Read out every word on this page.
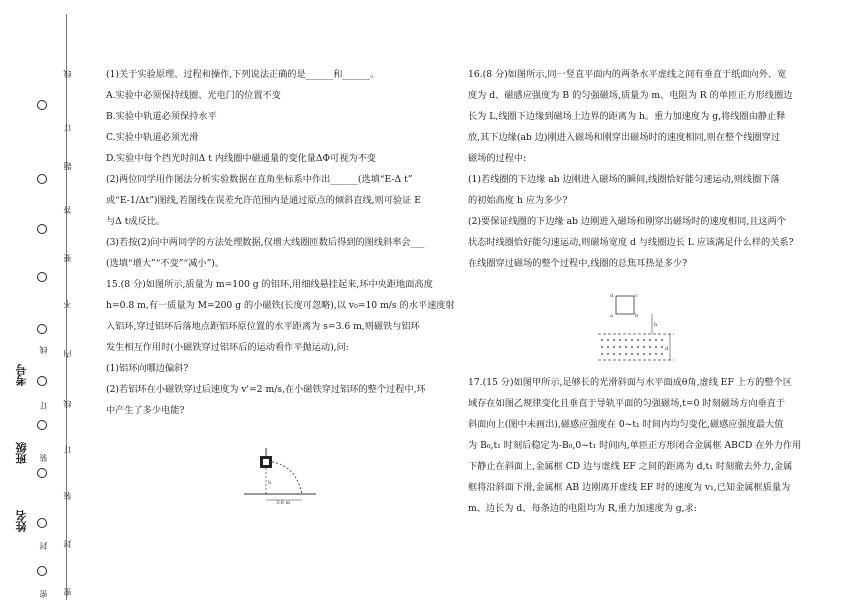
线
订
题
答
要
不
内
线
订
装
封
密
线
订
装
封
密
考号
班级
姓名

(1)关于实验原理、过程和操作,下列说法正确的是______和______。

A.实验中必须保持线圈、光电门的位置不变

B.实验中轨道必须保持水平

C.实验中轨道必须光滑

D.实验中每个挡光时间Δ t 内线圈中磁通量的变化量ΔΦ可视为不变

(2)两位同学用作图法分析实验数据在直角坐标系中作出______(选填“E-Δ t”

或“E-1/Δt”)图线,若图线在误差允许范围内是通过原点的倾斜直线,则可验证 E

与Δ t成反比。

(3)若按(2)问中两同学的方法处理数据,仅增大线圈匝数后得到的图线斜率会___

(选填“增大”“不变”“减小”)。

15.(8 分)如图所示,质量为 m=100 g 的铝环,用细线悬挂起来,环中央距地面高度

h=0.8 m,有一质量为 M=200 g 的小磁铁(长度可忽略),以 v₀=10 m/s 的水平速度射

入铝环,穿过铝环后落地点距铝环原位置的水平距离为 s=3.6 m,则磁铁与铝环

发生相互作用时(小磁铁穿过铝环后的运动看作平抛运动),问:

(1)铝环向哪边偏斜?

(2)若铝环在小磁铁穿过后速度为 v'=2 m/s,在小磁铁穿过铝环的整个过程中,环

中产生了多少电能?

h
3.6 m

16.(8 分)如图所示,同一竖直平面内的两条水平虚线之间有垂直于纸面向外、宽

度为 d、磁感应强度为 B 的匀强磁场,质量为 m、电阻为 R 的单匝正方形线圈边

长为 L,线圈下边缘到磁场上边界的距离为 h。重力加速度为 g,将线圈由静止释

放,其下边缘(ab 边)刚进入磁场和刚穿出磁场时的速度相同,则在整个线圈穿过

磁场的过程中:

(1)若线圈的下边缘 ab 边刚进入磁场的瞬间,线圈恰好能匀速运动,则线圈下落

的初始高度 h 应为多少?

(2)要保证线圈的下边缘 ab 边刚进入磁场和刚穿出磁场时的速度相同,且这两个

状态时线圈恰好能匀速运动,则磁场宽度 d 与线圈边长 L 应该满足什么样的关系?

在线圈穿过磁场的整个过程中,线圈的总焦耳热是多少?

a	b
c
d
h
d

17.(15 分)如图甲所示,足够长的光滑斜面与水平面成θ角,虚线 EF 上方的整个区

域存在如图乙规律变化且垂直于导轨平面的匀强磁场,t=0 时刻磁场方向垂直于

斜面向上(图中未画出),磁感应强度在 0~t₁ 时间内均匀变化,磁感应强度最大值

为 B₀,t₁ 时刻后稳定为-B₀,0~t₁ 时间内,单匝正方形闭合金属框 ABCD 在外力作用

下静止在斜面上,金属框 CD 边与虚线 EF 之间的距离为 d,t₁ 时刻撤去外力,金属

框将沿斜面下滑,金属框 AB 边刚离开虚线 EF 时的速度为 v₁,已知金属框质量为

m、边长为 d、每条边的电阻均为 R,重力加速度为 g,求:
